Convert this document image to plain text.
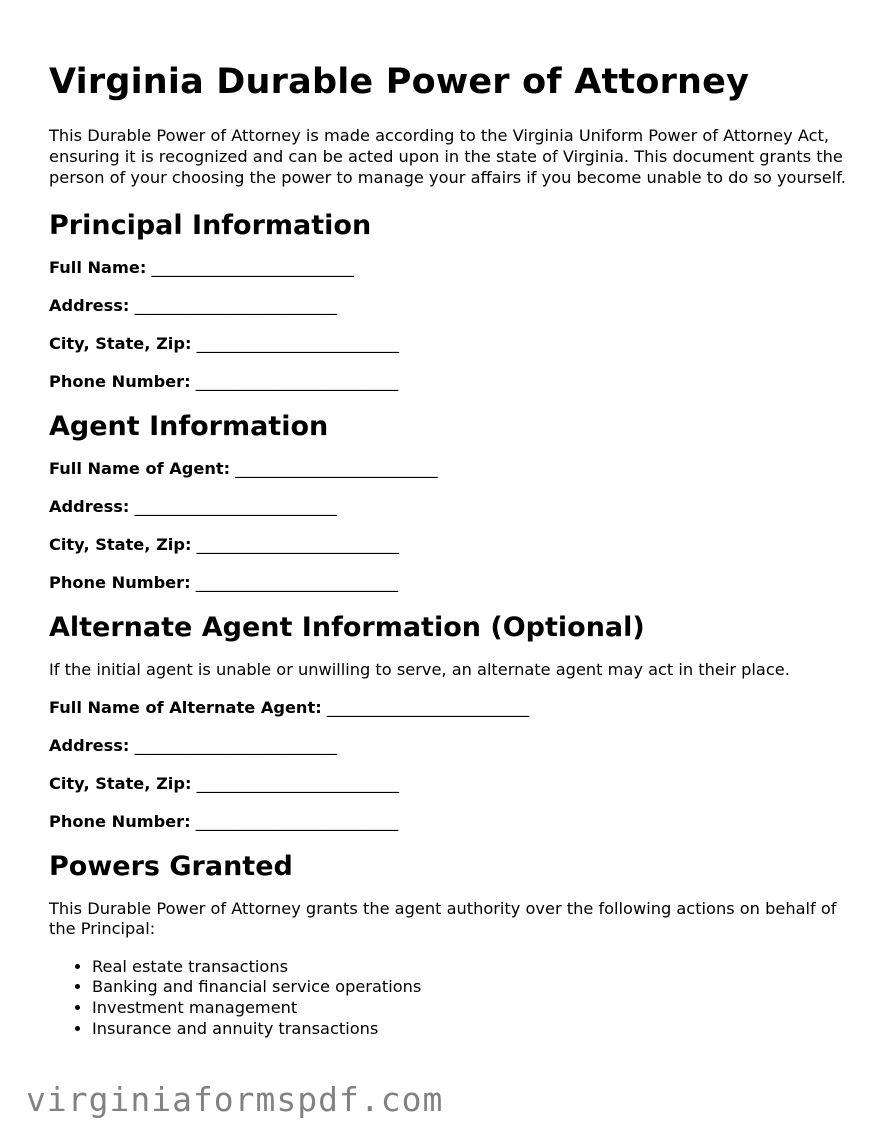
Virginia Durable Power of Attorney

This Durable Power of Attorney is made according to the Virginia Uniform Power of Attorney Act, ensuring it is recognized and can be acted upon in the state of Virginia. This document grants the person of your choosing the power to manage your affairs if you become unable to do so yourself.

Principal Information
Full Name: _________________________
Address: _________________________
City, State, Zip: _________________________
Phone Number: _________________________
Agent Information
Full Name of Agent: _________________________
Address: _________________________
City, State, Zip: _________________________
Phone Number: _________________________
Alternate Agent Information (Optional)

If the initial agent is unable or unwilling to serve, an alternate agent may act in their place.

Full Name of Alternate Agent: _________________________
Address: _________________________
City, State, Zip: _________________________
Phone Number: _________________________
Powers Granted

This Durable Power of Attorney grants the agent authority over the following actions on behalf of the Principal:

• Real estate transactions
• Banking and financial service operations
• Investment management
• Insurance and annuity transactions
virginiaformspdf.com
